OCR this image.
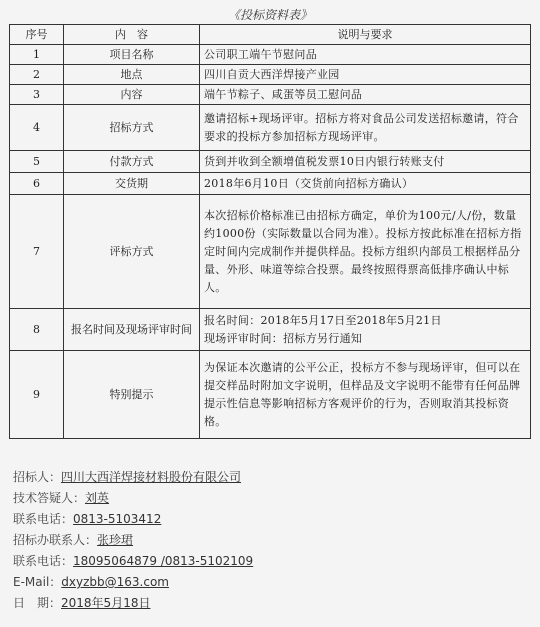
《投标资料表》
序号	内　容	说明与要求
1	项目名称	公司职工端午节慰问品
2	地点	四川自贡大西洋焊接产业园
3	内容	端午节粽子、咸蛋等员工慰问品
4	招标方式	邀请招标+现场评审。招标方将对食品公司发送招标邀请，符合要求的投标方参加招标方现场评审。
5	付款方式	货到并收到全额增值税发票10日内银行转账支付
6	交货期	2018年6月10日（交货前向招标方确认）
7	评标方式	本次招标价格标准已由招标方确定，单价为100元/人/份，数量约1000份（实际数量以合同为准）。投标方按此标准在招标方指定时间内完成制作并提供样品。投标方组织内部员工根据样品分量、外形、味道等综合投票。最终按照得票高低排序确认中标人。
8	报名时间及现场评审时间	报名时间：2018年5月17日至2018年5月21日
现场评审时间：招标方另行通知

9	特别提示	为保证本次邀请的公平公正，投标方不参与现场评审，但可以在提交样品时附加文字说明，但样品及文字说明不能带有任何品牌提示性信息等影响招标方客观评价的行为，否则取消其投标资格。
招标人：四川大西洋焊接材料股份有限公司
技术答疑人：刘英
联系电话：0813-5103412
招标办联系人：张珍珺
联系电话：18095064879 /0813-5102109
E-Mail：dxyzbb@163.com
日　期：2018年5月18日
